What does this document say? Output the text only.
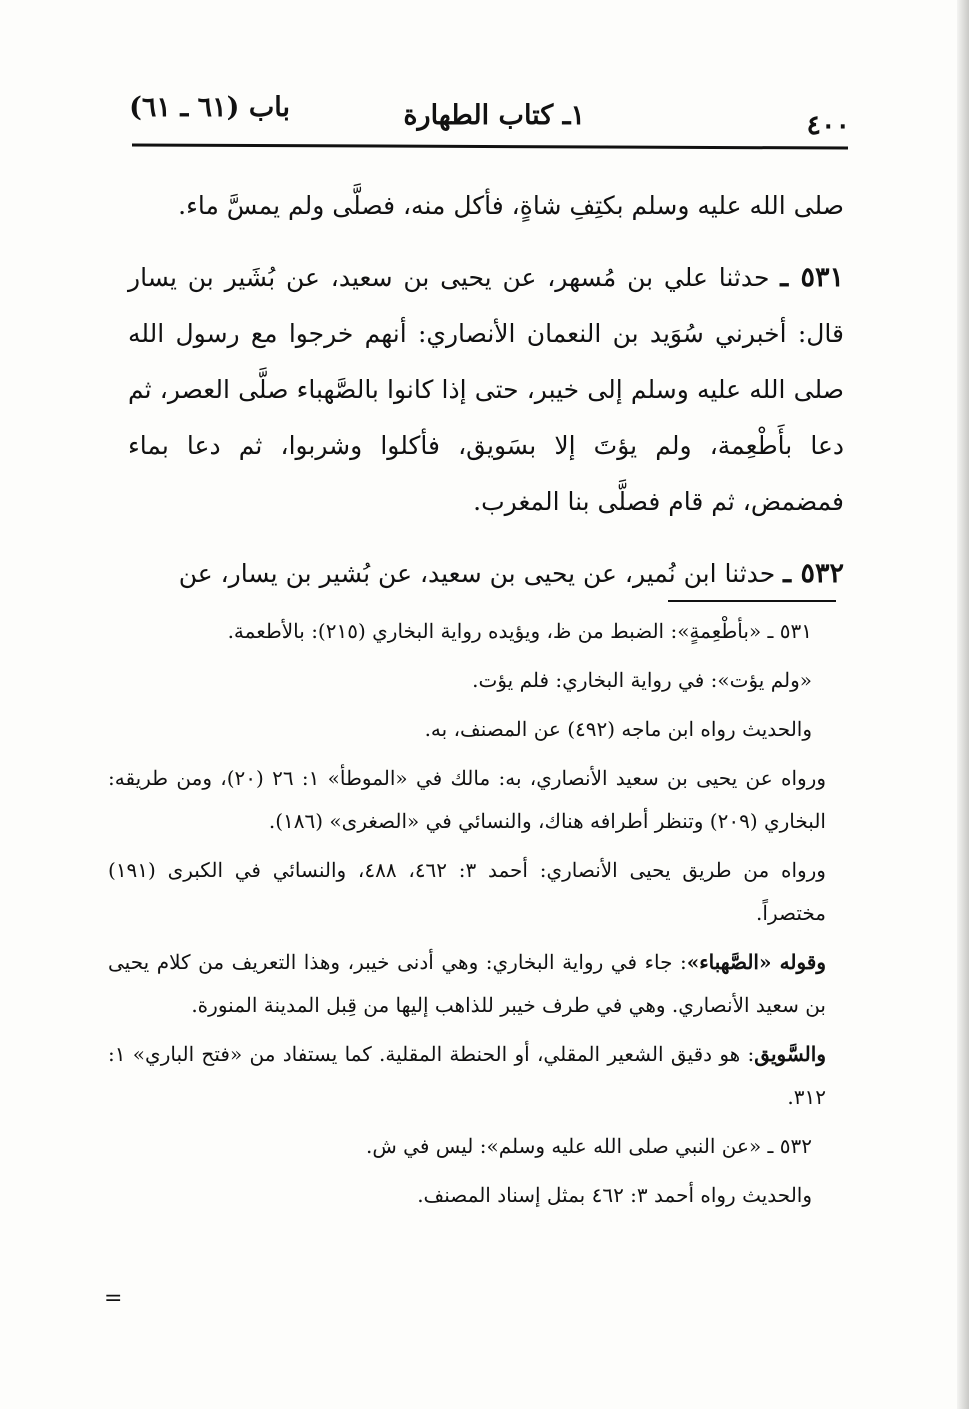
٤٠٠
١ـ كتاب الطهارة
باب (٦١ ـ ٦١)

صلى الله عليه وسلم بكتِفِ شاةٍ، فأكل منه، فصلَّى ولم يمسَّ ماء.

٥٣١ ـ حدثنا علي بن مُسهر، عن يحيى بن سعيد، عن بُشَير بن يسار قال: أخبرني سُوَيد بن النعمان الأنصاري: أنهم خرجوا مع رسول الله صلى الله عليه وسلم إلى خيبر، حتى إذا كانوا بالصَّهباء صلَّى العصر، ثم دعا بأَطْعِمة، ولم يؤتَ إلا بسَويق، فأكلوا وشربوا، ثم دعا بماء فمضمض، ثم قام فصلَّى بنا المغرب.

٥٣٢ ـ حدثنا ابن نُمير، عن يحيى بن سعيد، عن بُشير بن يسار، عن

٥٣١ ـ «بأطْعِمةٍ»: الضبط من ظ، ويؤيده رواية البخاري (٢١٥): بالأطعمة.

«ولم يؤت»: في رواية البخاري: فلم يؤت.

والحديث رواه ابن ماجه (٤٩٢) عن المصنف، به.

ورواه عن يحيى بن سعيد الأنصاري، به: مالك في «الموطأ» ١: ٢٦ (٢٠)، ومن طريقه: البخاري (٢٠٩) وتنظر أطرافه هناك، والنسائي في «الصغرى» (١٨٦).

ورواه من طريق يحيى الأنصاري: أحمد ٣: ٤٦٢، ٤٨٨، والنسائي في الكبرى (١٩١) مختصراً.

وقوله «الصَّهباء»: جاء في رواية البخاري: وهي أدنى خيبر، وهذا التعريف من كلام يحيى بن سعيد الأنصاري. وهي في طرف خيبر للذاهب إليها من قِبل المدينة المنورة.

والسَّويق: هو دقيق الشعير المقلي، أو الحنطة المقلية. كما يستفاد من «فتح الباري» ١: ٣١٢.

٥٣٢ ـ «عن النبي صلى الله عليه وسلم»: ليس في ش.

والحديث رواه أحمد ٣: ٤٦٢ بمثل إسناد المصنف.

=
